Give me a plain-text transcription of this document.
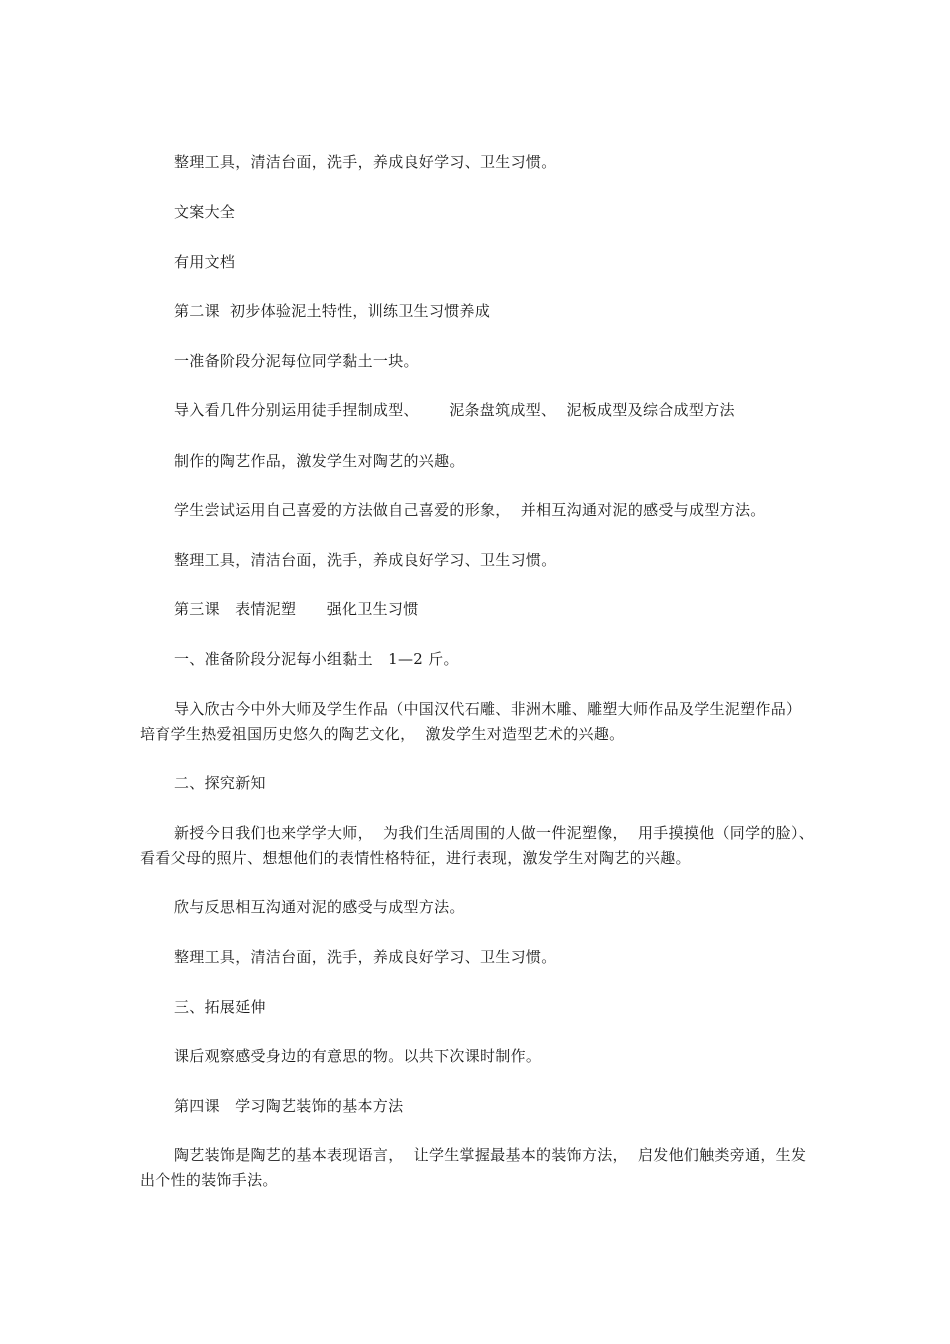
整理工具，清洁台面，洗手，养成良好学习、卫生习惯。

文案大全

有用文档

第二课  初步体验泥土特性，训练卫生习惯养成

一准备阶段分泥每位同学黏土一块。

导入看几件分别运用徒手捏制成型、      泥条盘筑成型、  泥板成型及综合成型方法

制作的陶艺作品，激发学生对陶艺的兴趣。

学生尝试运用自己喜爱的方法做自己喜爱的形象，  并相互沟通对泥的感受与成型方法。

整理工具，清洁台面，洗手，养成良好学习、卫生习惯。

第三课   表情泥塑      强化卫生习惯

一、准备阶段分泥每小组黏土   1—2 斤。

导入欣古今中外大师及学生作品（中国汉代石雕、非洲木雕、雕塑大师作品及学生泥塑作品） 培育学生热爱祖国历史悠久的陶艺文化，  激发学生对造型艺术的兴趣。

二、探究新知

新授今日我们也来学学大师，  为我们生活周围的人做一件泥塑像，  用手摸摸他（同学的脸）、看看父母的照片、想想他们的表情性格特征，进行表现，激发学生对陶艺的兴趣。

欣与反思相互沟通对泥的感受与成型方法。

整理工具，清洁台面，洗手，养成良好学习、卫生习惯。

三、拓展延伸

课后观察感受身边的有意思的物。以共下次课时制作。

第四课   学习陶艺装饰的基本方法

陶艺装饰是陶艺的基本表现语言，  让学生掌握最基本的装饰方法，  启发他们触类旁通，生发出个性的装饰手法。
